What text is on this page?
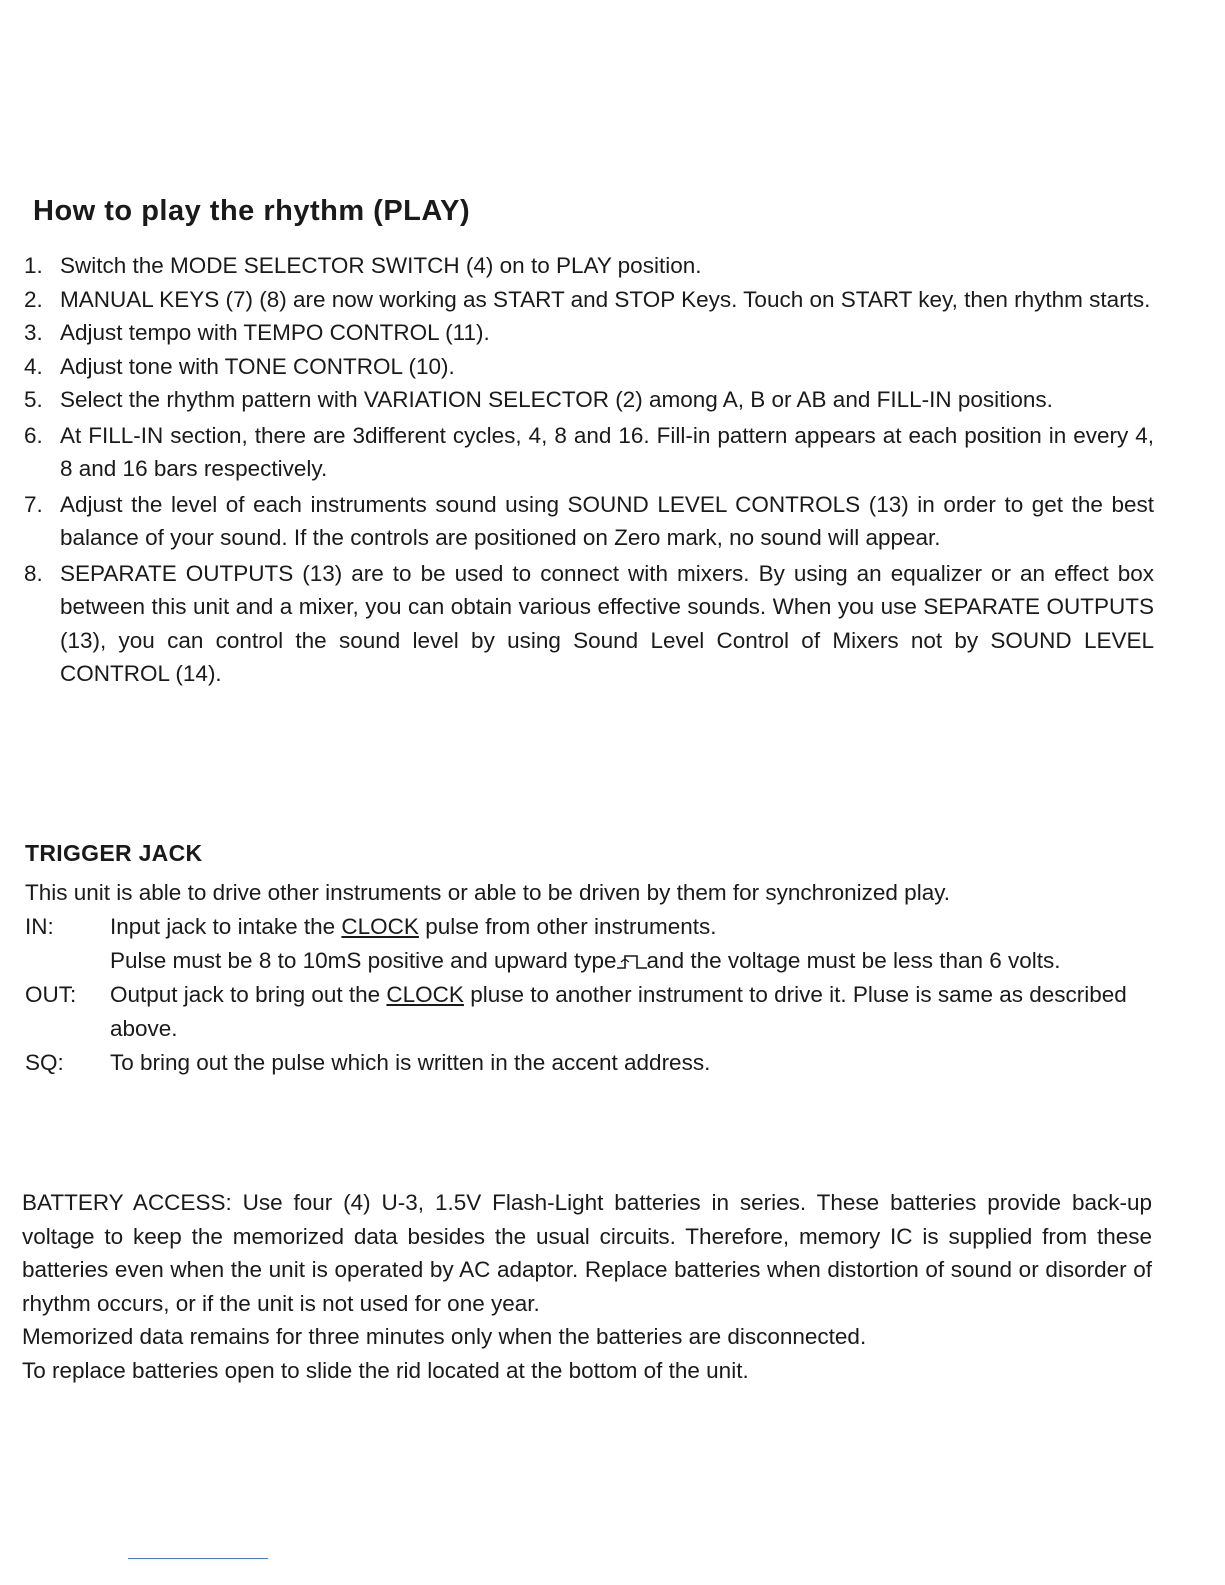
How to play the rhythm (PLAY)
1. Switch the MODE SELECTOR SWITCH (4) on to PLAY position.
2. MANUAL KEYS (7) (8) are now working as START and STOP Keys. Touch on START key, then rhythm starts.
3. Adjust tempo with TEMPO CONTROL (11).
4. Adjust tone with TONE CONTROL (10).
5. Select the rhythm pattern with VARIATION SELECTOR (2) among A, B or AB and FILL-IN positions.
6. At FILL-IN section, there are 3different cycles, 4, 8 and 16. Fill-in pattern appears at each position in every 4, 8 and 16 bars respectively.
7. Adjust the level of each instruments sound using SOUND LEVEL CONTROLS (13) in order to get the best balance of your sound. If the controls are positioned on Zero mark, no sound will appear.
8. SEPARATE OUTPUTS (13) are to be used to connect with mixers. By using an equalizer or an effect box between this unit and a mixer, you can obtain various effective sounds. When you use SEPARATE OUTPUTS (13), you can control the sound level by using Sound Level Control of Mixers not by SOUND LEVEL CONTROL (14).
TRIGGER JACK

This unit is able to drive other instruments or able to be driven by them for synchronized play.

IN:	Input jack to intake the CLOCK pulse from other instruments.
Pulse must be 8 to 10mS positive and upward type and the voltage must be less than 6 volts.
OUT:	Output jack to bring out the CLOCK pluse to another instrument to drive it. Pluse is same as described above.
SQ:	To bring out the pulse which is written in the accent address.

BATTERY ACCESS: Use four (4) U-3, 1.5V Flash-Light batteries in series. These batteries provide back-up voltage to keep the memorized data besides the usual circuits. Therefore, memory IC is supplied from these batteries even when the unit is operated by AC adaptor. Replace batteries when distortion of sound or disorder of rhythm occurs, or if the unit is not used for one year.

Memorized data remains for three minutes only when the batteries are disconnected.

To replace batteries open to slide the rid located at the bottom of the unit.
